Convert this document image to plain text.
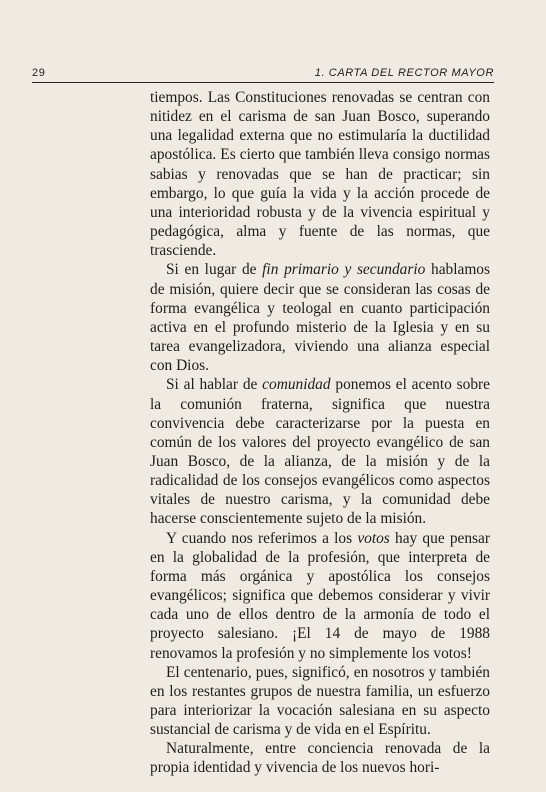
29	1. CARTA DEL RECTOR MAYOR

tiempos. Las Constituciones renovadas se centran con nitidez en el carisma de san Juan Bosco, superando una legalidad externa que no estimularía la ductilidad apostólica. Es cierto que también lleva consigo normas sabias y renovadas que se han de practicar; sin embargo, lo que guía la vida y la acción procede de una interioridad robusta y de la vivencia espiritual y pedagógica, alma y fuente de las normas, que trasciende.

Si en lugar de fin primario y secundario hablamos de misión, quiere decir que se consideran las cosas de forma evangélica y teologal en cuanto participación activa en el profundo misterio de la Iglesia y en su tarea evangelizadora, viviendo una alianza especial con Dios.

Si al hablar de comunidad ponemos el acento sobre la comunión fraterna, significa que nuestra convivencia debe caracterizarse por la puesta en común de los valores del proyecto evangélico de san Juan Bosco, de la alianza, de la misión y de la radicalidad de los consejos evangélicos como aspectos vitales de nuestro carisma, y la comunidad debe hacerse conscientemente sujeto de la misión.

Y cuando nos referimos a los votos hay que pensar en la globalidad de la profesión, que interpreta de forma más orgánica y apostólica los consejos evangélicos; significa que debemos considerar y vivir cada uno de ellos dentro de la armonía de todo el proyecto salesiano. ¡El 14 de mayo de 1988 renovamos la profesión y no simplemente los votos!

El centenario, pues, significó, en nosotros y también en los restantes grupos de nuestra familia, un esfuerzo para interiorizar la vocación salesiana en su aspecto sustancial de carisma y de vida en el Espíritu.

Naturalmente, entre conciencia renovada de la propia identidad y vivencia de los nuevos hori-
